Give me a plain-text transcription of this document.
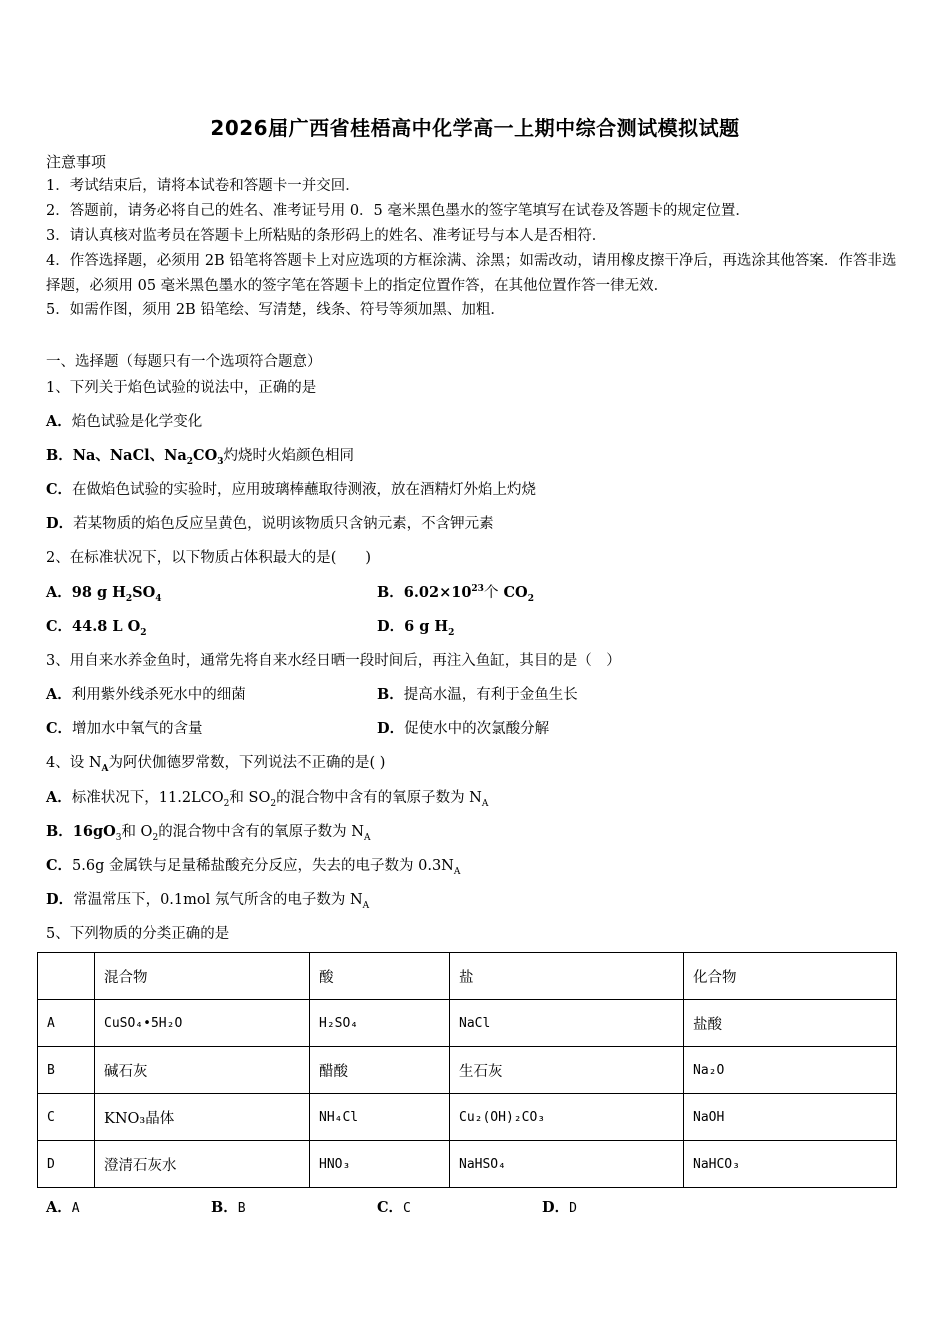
2026届广西省桂梧高中化学高一上期中综合测试模拟试题
注意事项
1．考试结束后，请将本试卷和答题卡一并交回．
2．答题前，请务必将自己的姓名、准考证号用 0．5 毫米黑色墨水的签字笔填写在试卷及答题卡的规定位置．
3．请认真核对监考员在答题卡上所粘贴的条形码上的姓名、准考证号与本人是否相符．
4．作答选择题，必须用 2B 铅笔将答题卡上对应选项的方框涂满、涂黑；如需改动，请用橡皮擦干净后，再选涂其他答案．作答非选择题，必须用 05 毫米黑色墨水的签字笔在答题卡上的指定位置作答，在其他位置作答一律无效．
5．如需作图，须用 2B 铅笔绘、写清楚，线条、符号等须加黑、加粗．
一、选择题（每题只有一个选项符合题意）
1、下列关于焰色试验的说法中，正确的是
A．焰色试验是化学变化
B．Na、NaCl、$Na_2CO_3$灼烧时火焰颜色相同
C．在做焰色试验的实验时，应用玻璃棒蘸取待测液，放在酒精灯外焰上灼烧
D．若某物质的焰色反应呈黄色，说明该物质只含钠元素，不含钾元素
2、在标准状况下，以下物质占体积最大的是(　　)
A．98 g $H_2SO_4$	B．$6.02\times 10^{23}$个 $CO_2$
C．44.8 L $O_2$	D．6 g $H_2$
3、用自来水养金鱼时，通常先将自来水经日晒一段时间后，再注入鱼缸，其目的是（　）
A．利用紫外线杀死水中的细菌	B．提高水温，有利于金鱼生长
C．增加水中氧气的含量	D．促使水中的次氯酸分解
4、设 $N_A$为阿伏伽德罗常数，下列说法不正确的是( )
A．标准状况下，$11.2LCO_2$和 $SO_2$的混合物中含有的氧原子数为 $N_A$
B．$16gO_3$和 $O_2$的混合物中含有的氧原子数为 $N_A$
C．5.6g 金属铁与足量稀盐酸充分反应，失去的电子数为 $0.3N_A$
D．常温常压下，0.1mol 氖气所含的电子数为 $N_A$
5、下列物质的分类正确的是
	混合物	酸	盐	化合物
A	CuSO₄•5H₂O	H₂SO₄	NaCl	盐酸
B	碱石灰	醋酸	生石灰	Na₂O
C	KNO₃晶体	NH₄Cl	Cu₂(OH)₂CO₃	NaOH
D	澄清石灰水	HNO₃	NaHSO₄	NaHCO₃
A．A	B．B	C．C	D．D
